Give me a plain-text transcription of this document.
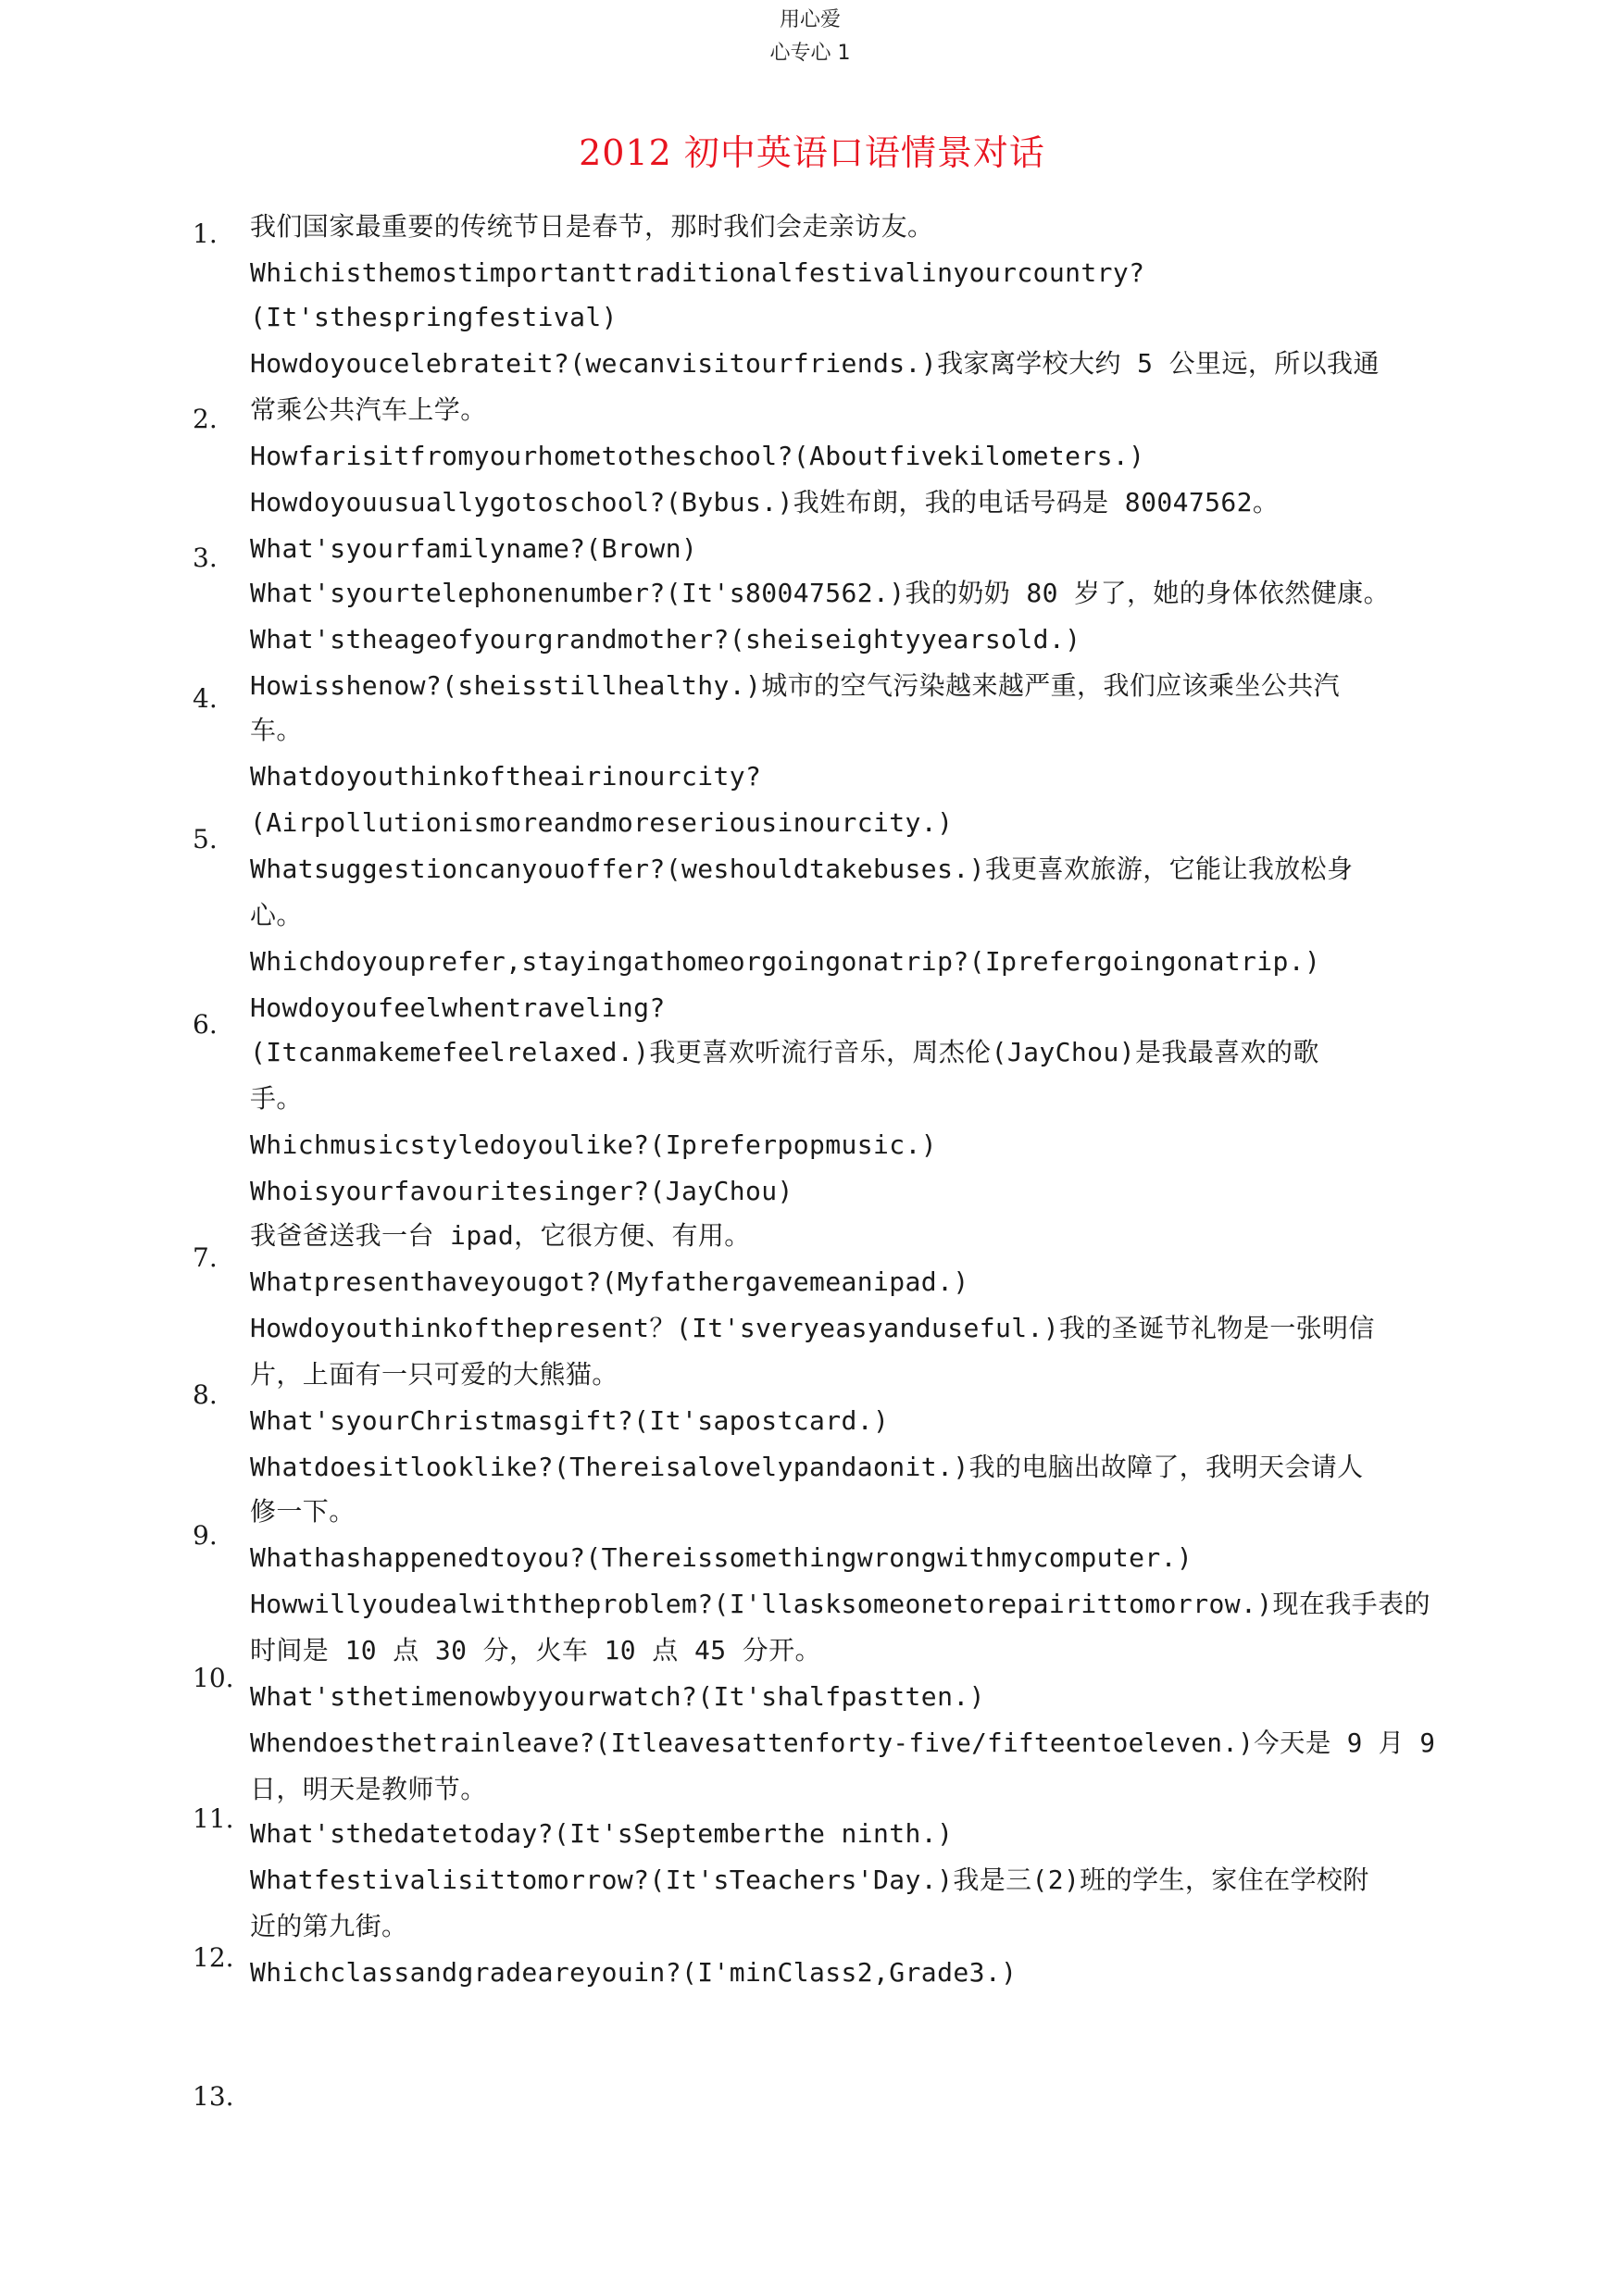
用心爱
心专心 1
2012 初中英语口语情景对话
1.
2.
3.
4.
5.
6.
7.
8.
9.
10.
11.
12.
13.
我们国家最重要的传统节日是春节，那时我们会走亲访友。
Whichisthemostimportanttraditionalfestivalinyourcountry?
(It'sthespringfestival)
Howdoyoucelebrateit?(wecanvisitourfriends.)我家离学校大约 5 公里远，所以我通
常乘公共汽车上学。
Howfarisitfromyourhometotheschool?(Aboutfivekilometers.)
Howdoyouusuallygotoschool?(Bybus.)我姓布朗，我的电话号码是 80047562。
What'syourfamilyname?(Brown)
What'syourtelephonenumber?(It's80047562.)我的奶奶 80 岁了，她的身体依然健康。
What'stheageofyourgrandmother?(sheiseightyyearsold.)
Howisshenow?(sheisstillhealthy.)城市的空气污染越来越严重，我们应该乘坐公共汽
车。
Whatdoyouthinkoftheairinourcity?
(Airpollutionismoreandmoreseriousinourcity.)
Whatsuggestioncanyouoffer?(weshouldtakebuses.)我更喜欢旅游，它能让我放松身
心。
Whichdoyouprefer,stayingathomeorgoingonatrip?(Iprefergoingonatrip.)
Howdoyoufeelwhentraveling?
(Itcanmakemefeelrelaxed.)我更喜欢听流行音乐，周杰伦(JayChou)是我最喜欢的歌
手。
Whichmusicstyledoyoulike?(Ipreferpopmusic.)
Whoisyourfavouritesinger?(JayChou)
我爸爸送我一台 ipad，它很方便、有用。
Whatpresenthaveyougot?(Myfathergavemeanipad.)
Howdoyouthinkofthepresent？(It'sveryeasyanduseful.)我的圣诞节礼物是一张明信
片，上面有一只可爱的大熊猫。
What'syourChristmasgift?(It'sapostcard.)
Whatdoesitlooklike?(Thereisalovelypandaonit.)我的电脑出故障了，我明天会请人
修一下。
Whathashappenedtoyou?(Thereissomethingwrongwithmycomputer.)
Howwillyoudealwiththeproblem?(I'llasksomeonetorepairittomorrow.)现在我手表的
时间是 10 点 30 分，火车 10 点 45 分开。
What'sthetimenowbyyourwatch?(It'shalfpastten.)
Whendoesthetrainleave?(Itleavesattenforty-five/fifteentoeleven.)今天是 9 月 9
日，明天是教师节。
What'sthedatetoday?(It'sSeptemberthe ninth.)
Whatfestivalisittomorrow?(It'sTeachers'Day.)我是三(2)班的学生，家住在学校附
近的第九街。
Whichclassandgradeareyouin?(I'minClass2,Grade3.)
